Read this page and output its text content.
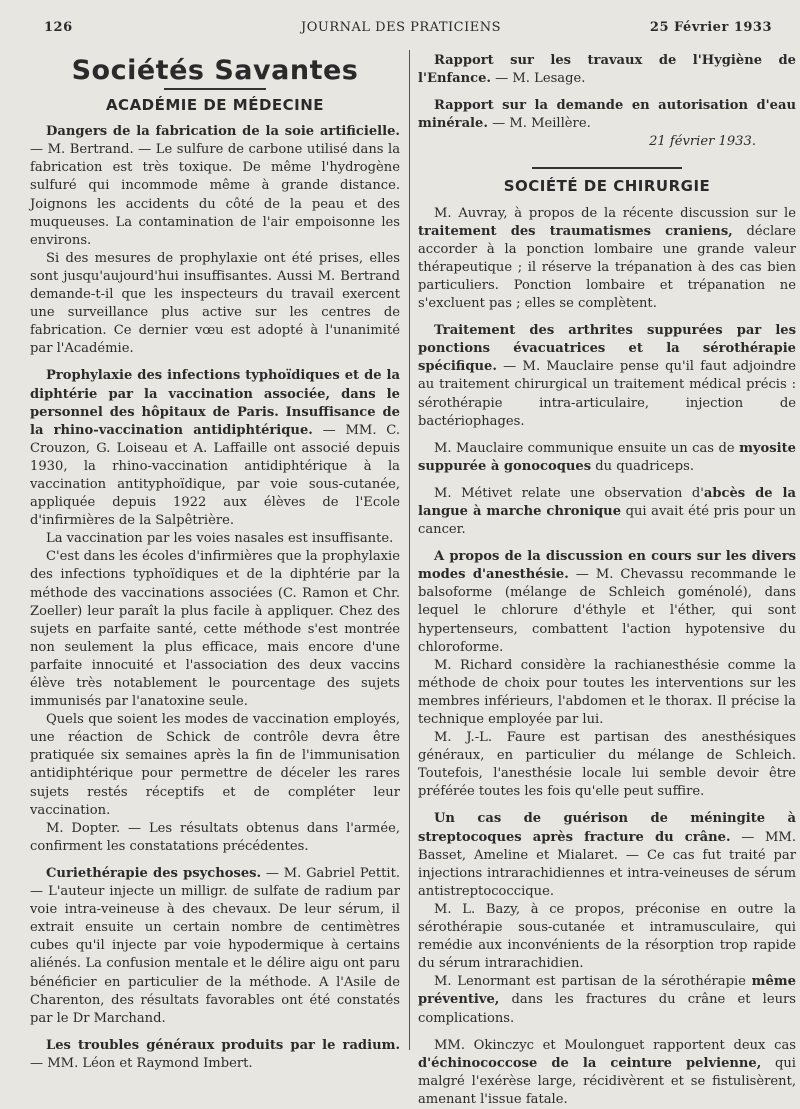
126	JOURNAL DES PRATICIENS	25 Février 1933
Sociétés Savantes
ACADÉMIE DE MÉDECINE

Dangers de la fabrication de la soie artificielle. — M. Bertrand. — Le sulfure de carbone utilisé dans la fabrication est très toxique. De même l'hydrogène sulfuré qui incommode même à grande distance. Joignons les accidents du côté de la peau et des muqueuses. La contamination de l'air empoisonne les environs.

Si des mesures de prophylaxie ont été prises, elles sont jusqu'aujourd'hui insuffisantes. Aussi M. Bertrand demande-t-il que les inspecteurs du travail exercent une surveillance plus active sur les centres de fabrication. Ce dernier vœu est adopté à l'unanimité par l'Académie.

Prophylaxie des infections typhoïdiques et de la diphtérie par la vaccination associée, dans le personnel des hôpitaux de Paris. Insuffisance de la rhino-vaccination antidiphtérique. — MM. C. Crouzon, G. Loiseau et A. Laffaille ont associé depuis 1930, la rhino-vaccination antidiphtérique à la vaccination antityphoïdique, par voie sous-cutanée, appliquée depuis 1922 aux élèves de l'Ecole d'infirmières de la Salpêtrière.

La vaccination par les voies nasales est insuffisante.

C'est dans les écoles d'infirmières que la prophylaxie des infections typhoïdiques et de la diphtérie par la méthode des vaccinations associées (C. Ramon et Chr. Zoeller) leur paraît la plus facile à appliquer. Chez des sujets en parfaite santé, cette méthode s'est montrée non seulement la plus efficace, mais encore d'une parfaite innocuité et l'association des deux vaccins élève très notablement le pourcentage des sujets immunisés par l'anatoxine seule.

Quels que soient les modes de vaccination employés, une réaction de Schick de contrôle devra être pratiquée six semaines après la fin de l'immunisation antidiphtérique pour permettre de déceler les rares sujets restés réceptifs et de compléter leur vaccination.

M. Dopter. — Les résultats obtenus dans l'armée, confirment les constatations précédentes.

Curiethérapie des psychoses. — M. Gabriel Pettit. — L'auteur injecte un milligr. de sulfate de radium par voie intra-veineuse à des chevaux. De leur sérum, il extrait ensuite un certain nombre de centimètres cubes qu'il injecte par voie hypodermique à certains aliénés. La confusion mentale et le délire aigu ont paru bénéficier en particulier de la méthode. A l'Asile de Charenton, des résultats favorables ont été constatés par le Dr Marchand.

Les troubles généraux produits par le radium. — MM. Léon et Raymond Imbert.

Rapport sur les travaux de l'Hygiène de l'Enfance. — M. Lesage.

Rapport sur la demande en autorisation d'eau minérale. — M. Meillère.

21 février 1933.

SOCIÉTÉ DE CHIRURGIE

M. Auvray, à propos de la récente discussion sur le traitement des traumatismes craniens, déclare accorder à la ponction lombaire une grande valeur thérapeutique ; il réserve la trépanation à des cas bien particuliers. Ponction lombaire et trépanation ne s'excluent pas ; elles se complètent.

Traitement des arthrites suppurées par les ponctions évacuatrices et la sérothérapie spécifique. — M. Mauclaire pense qu'il faut adjoindre au traitement chirurgical un traitement médical précis : sérothérapie intra-articulaire, injection de bactériophages.

M. Mauclaire communique ensuite un cas de myosite suppurée à gonocoques du quadriceps.

M. Métivet relate une observation d'abcès de la langue à marche chronique qui avait été pris pour un cancer.

A propos de la discussion en cours sur les divers modes d'anesthésie. — M. Chevassu recommande le balsoforme (mélange de Schleich goménolé), dans lequel le chlorure d'éthyle et l'éther, qui sont hypertenseurs, combattent l'action hypotensive du chloroforme.

M. Richard considère la rachianesthésie comme la méthode de choix pour toutes les interventions sur les membres inférieurs, l'abdomen et le thorax. Il précise la technique employée par lui.

M. J.-L. Faure est partisan des anesthésiques généraux, en particulier du mélange de Schleich. Toutefois, l'anesthésie locale lui semble devoir être préférée toutes les fois qu'elle peut suffire.

Un cas de guérison de méningite à streptocoques après fracture du crâne. — MM. Basset, Ameline et Mialaret. — Ce cas fut traité par injections intrarachidiennes et intra-veineuses de sérum antistreptococcique.

M. L. Bazy, à ce propos, préconise en outre la sérothérapie sous-cutanée et intramusculaire, qui remédie aux inconvénients de la résorption trop rapide du sérum intrarachidien.

M. Lenormant est partisan de la sérothérapie même préventive, dans les fractures du crâne et leurs complications.

MM. Okinczyc et Moulonguet rapportent deux cas d'échinococcose de la ceinture pelvienne, qui malgré l'exérèse large, récidivèrent et se fistulisèrent, amenant l'issue fatale.
